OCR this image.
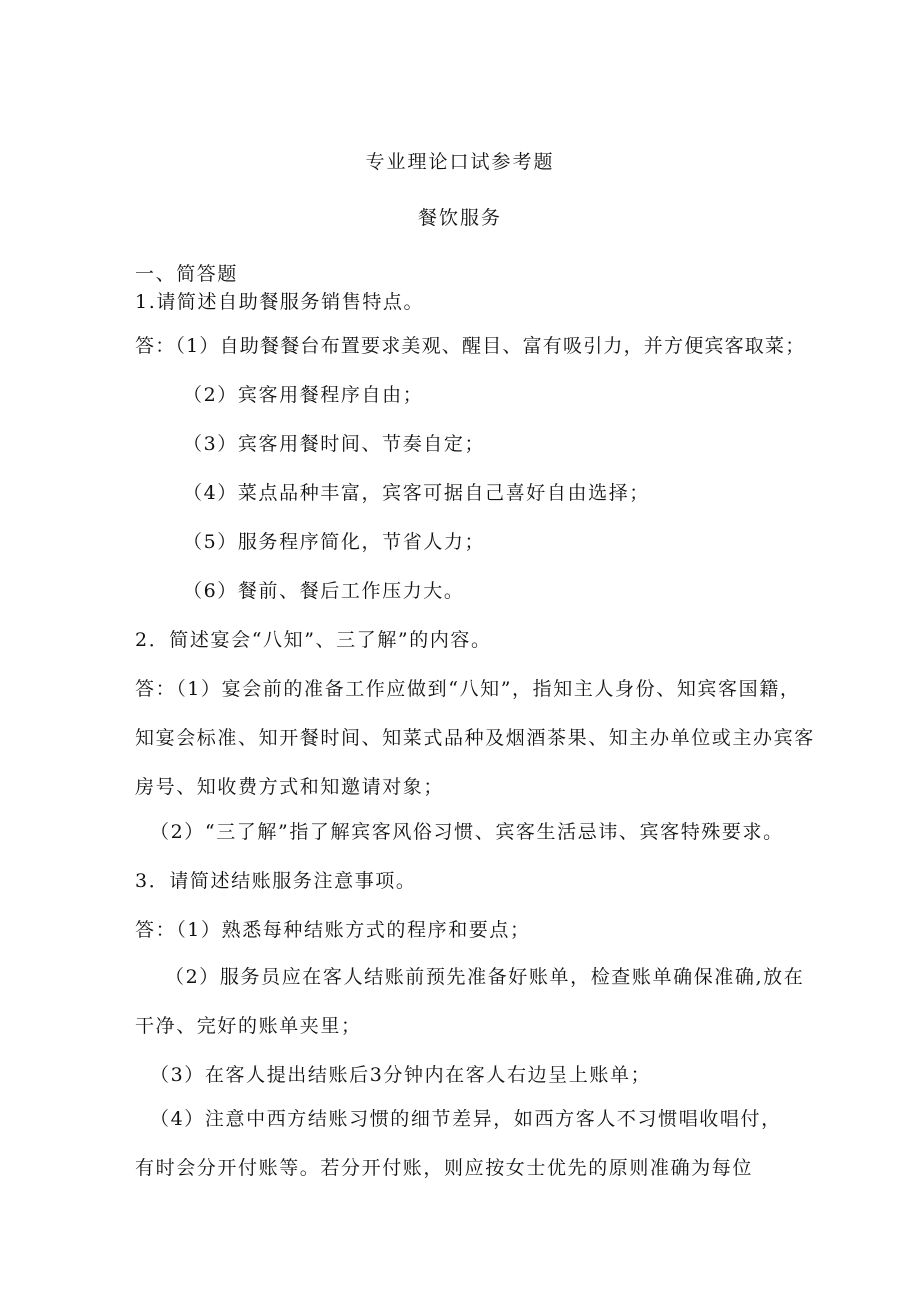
专业理论口试参考题
餐饮服务
一、简答题
1.请简述自助餐服务销售特点。
答：（1）自助餐餐台布置要求美观、醒目、富有吸引力，并方便宾客取菜；
（2）宾客用餐程序自由；
（3）宾客用餐时间、节奏自定；
（4）菜点品种丰富，宾客可据自己喜好自由选择；
（5）服务程序简化，节省人力；
（6）餐前、餐后工作压力大。
2．简述宴会“八知”、三了解”的内容。
答：（1）宴会前的准备工作应做到“八知”，指知主人身份、知宾客国籍，
知宴会标准、知开餐时间、知菜式品种及烟酒茶果、知主办单位或主办宾客
房号、知收费方式和知邀请对象；
（2）“三了解”指了解宾客风俗习惯、宾客生活忌讳、宾客特殊要求。
3．请简述结账服务注意事项。
答：（1）熟悉每种结账方式的程序和要点；
（2）服务员应在客人结账前预先准备好账单，检查账单确保准确,放在
干净、完好的账单夹里；
（3）在客人提出结账后3分钟内在客人右边呈上账单；
（4）注意中西方结账习惯的细节差异，如西方客人不习惯唱收唱付，
有时会分开付账等。若分开付账，则应按女士优先的原则准确为每位
